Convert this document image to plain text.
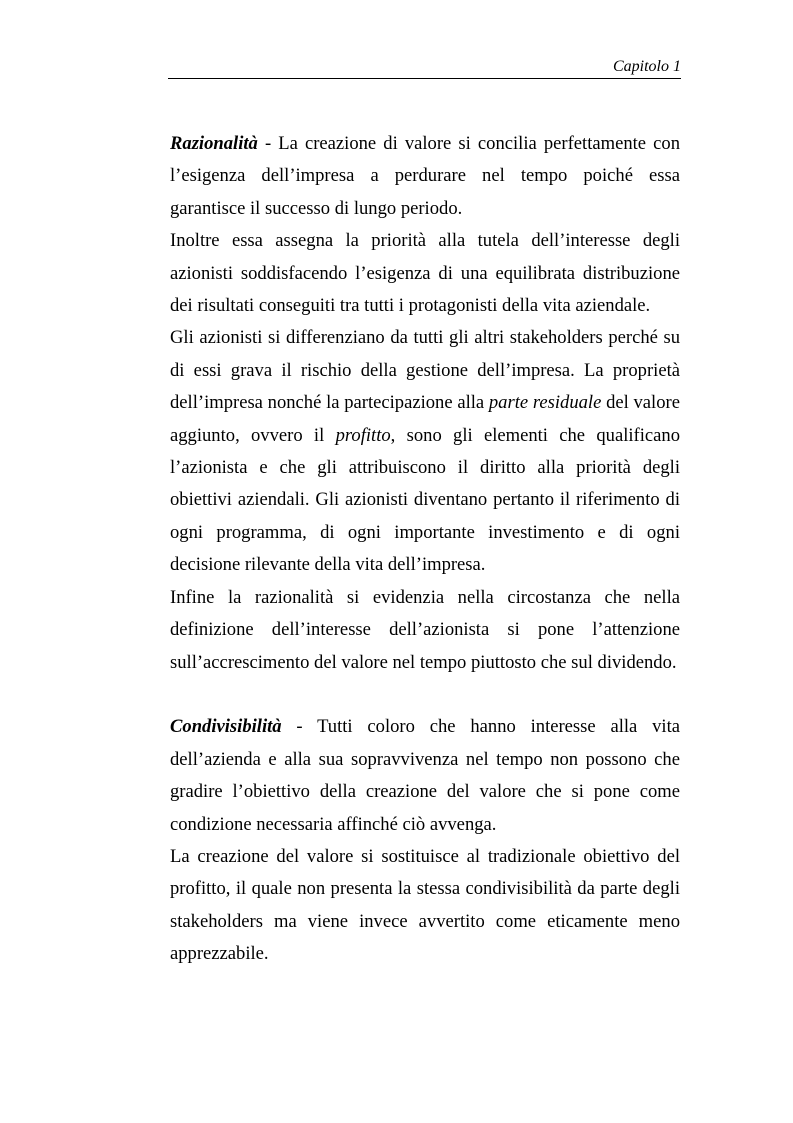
Capitolo 1

Razionalità - La creazione di valore si concilia perfettamente con l’esigenza dell’impresa a perdurare nel tempo poiché essa garantisce il successo di lungo periodo.

Inoltre essa assegna la priorità alla tutela dell’interesse degli azionisti soddisfacendo l’esigenza di una equilibrata distribuzione dei risultati conseguiti tra tutti i protagonisti della vita aziendale.

Gli azionisti si differenziano da tutti gli altri stakeholders perché su di essi grava il rischio della gestione dell’impresa. La proprietà dell’impresa nonché la partecipazione alla parte residuale del valore aggiunto, ovvero il profitto, sono gli elementi che qualificano l’azionista e che gli attribuiscono il diritto alla priorità degli obiettivi aziendali. Gli azionisti diventano pertanto il riferimento di ogni programma, di ogni importante investimento e di ogni decisione rilevante della vita dell’impresa.

Infine la razionalità si evidenzia nella circostanza che nella definizione dell’interesse dell’azionista si pone l’attenzione sull’accrescimento del valore nel tempo piuttosto che sul dividendo.

Condivisibilità - Tutti coloro che hanno interesse alla vita dell’azienda e alla sua sopravvivenza nel tempo non possono che gradire l’obiettivo della creazione del valore che si pone come condizione necessaria affinché ciò avvenga.

La creazione del valore si sostituisce al tradizionale obiettivo del profitto, il quale non presenta la stessa condivisibilità da parte degli stakeholders ma viene invece avvertito come eticamente meno apprezzabile.
